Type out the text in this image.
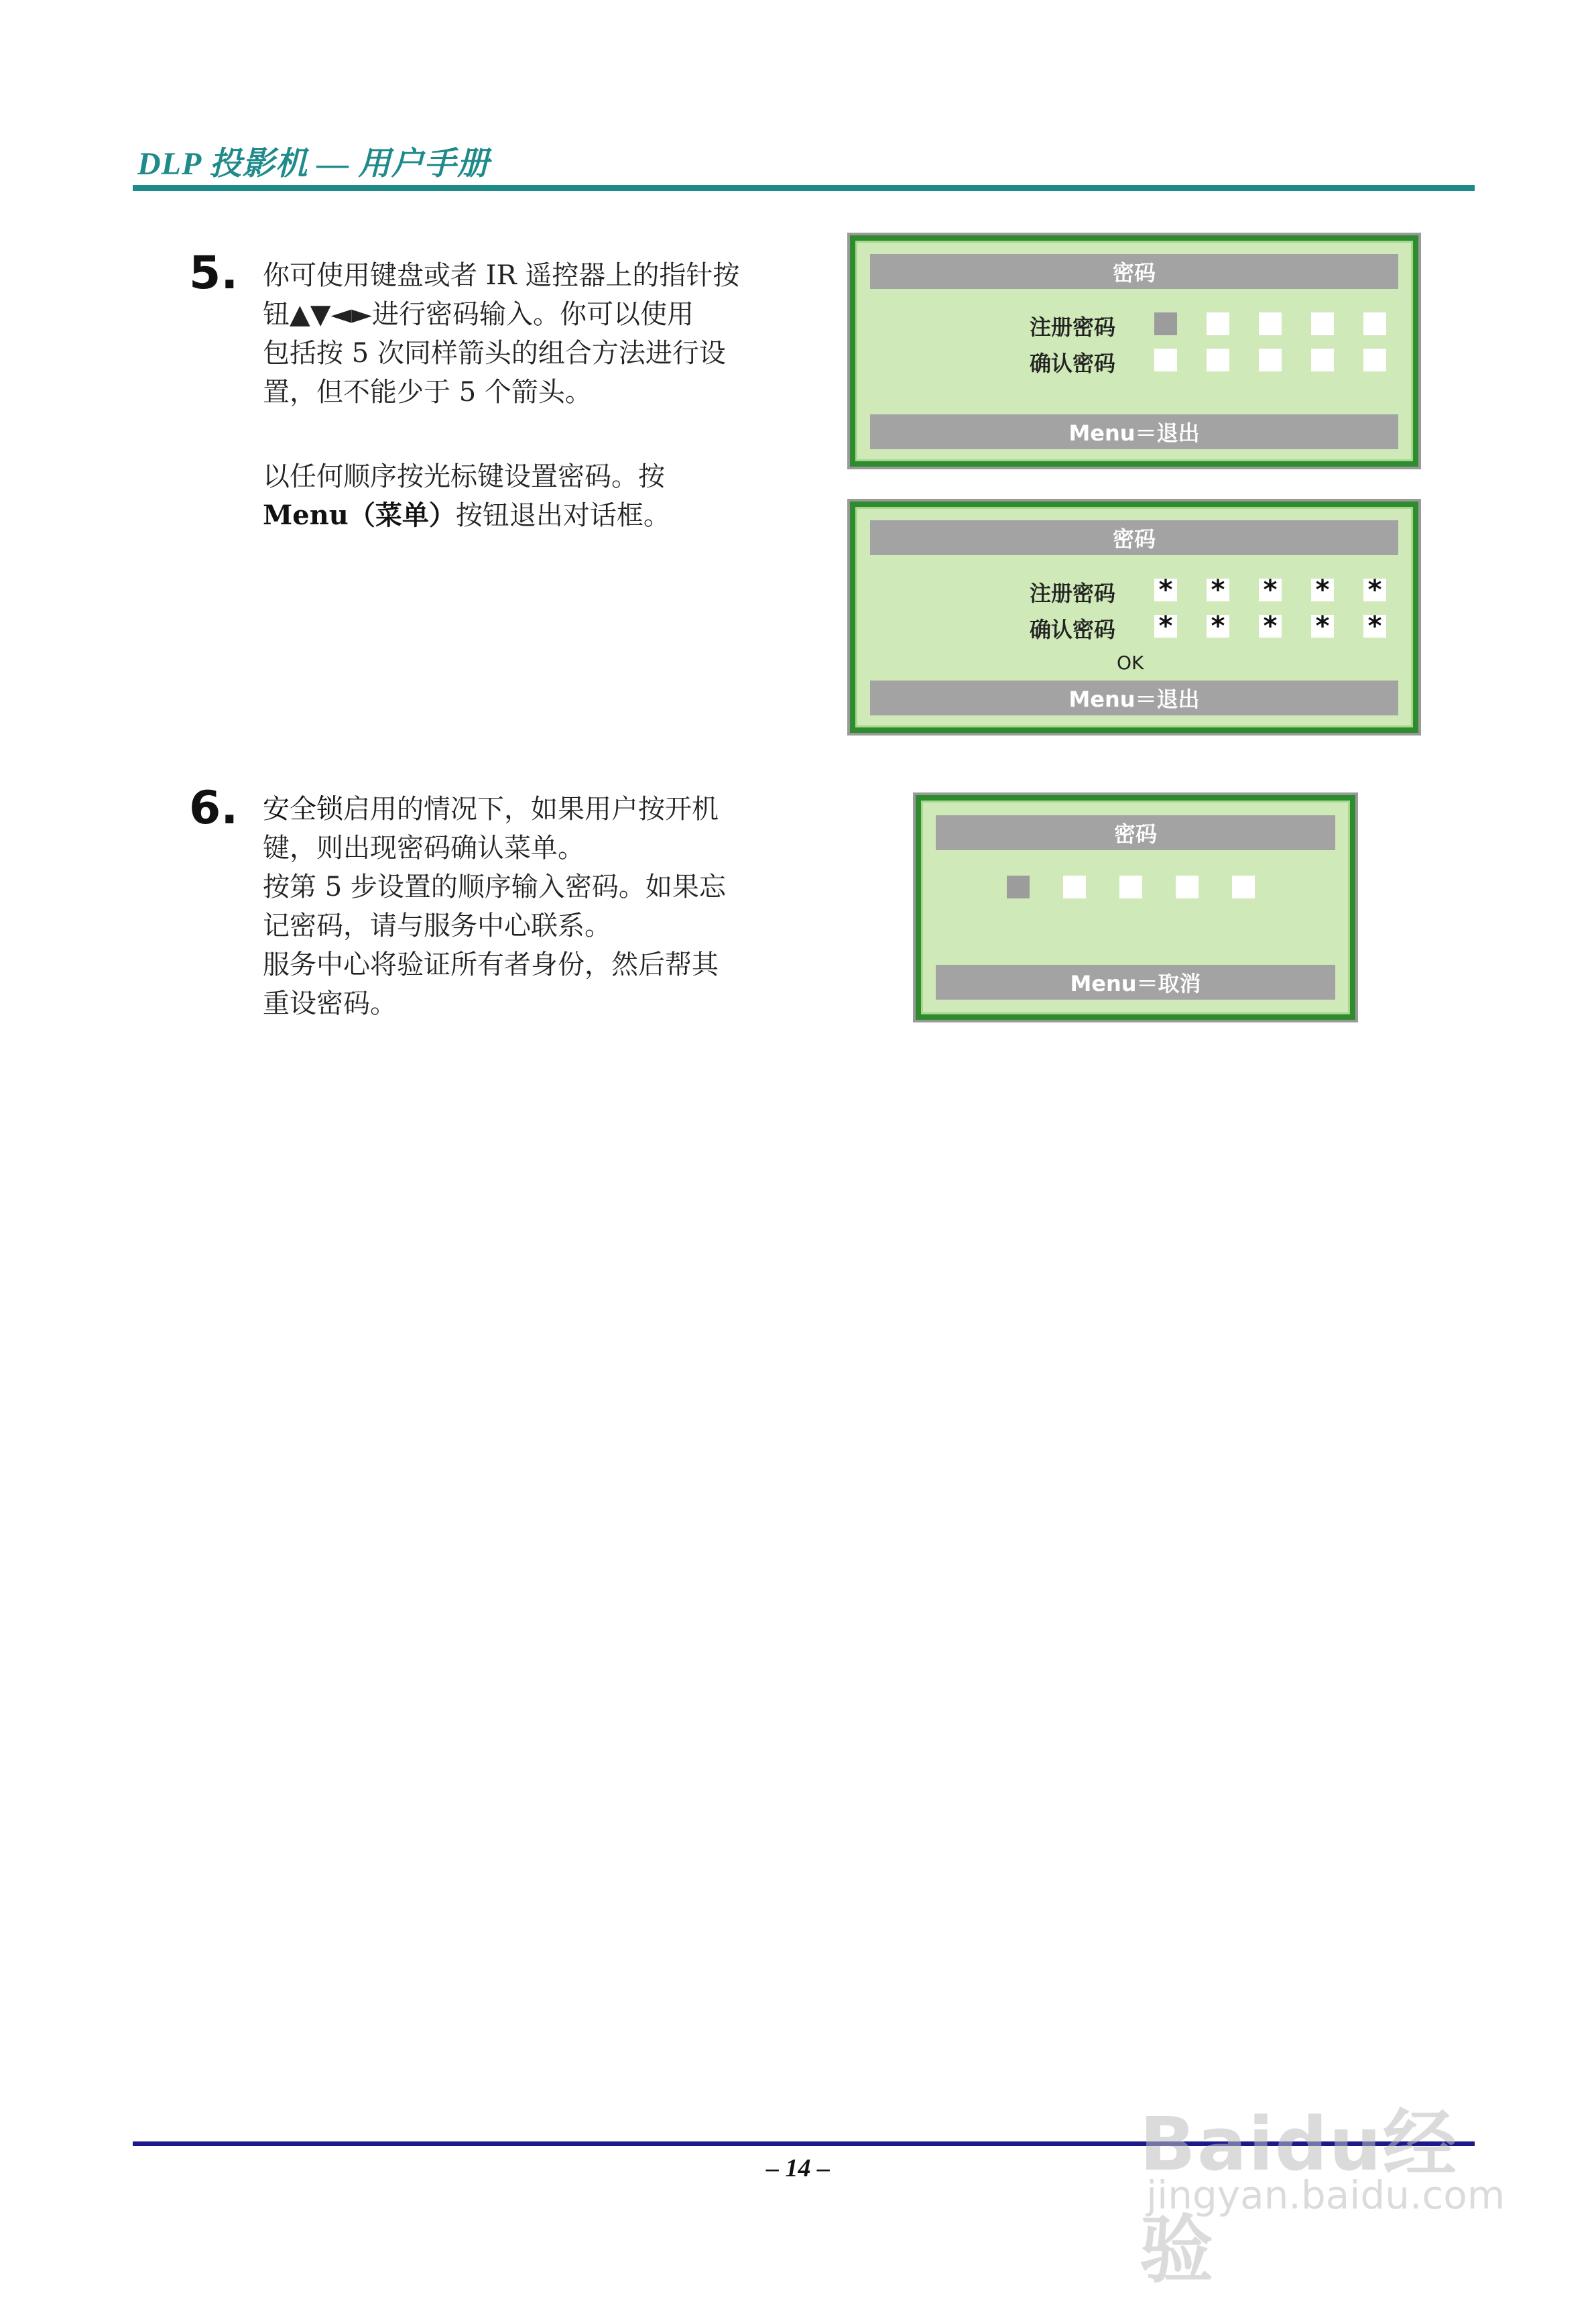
DLP 投影机 — 用户手册
5. 你可使用键盘或者 IR 遥控器上的指针按

钮▲▼◄►进行密码输入。你可以使用

包括按 5 次同样箭头的组合方法进行设

置，但不能少于 5 个箭头。

以任何顺序按光标键设置密码。按

Menu（菜单）按钮退出对话框。

密码
注册密码
确认密码
Menu＝退出
密码
注册密码
确认密码
* * * * *
* * * * *
OK
Menu＝退出
6. 安全锁启用的情况下，如果用户按开机

键，则出现密码确认菜单。

按第 5 步设置的顺序输入密码。如果忘

记密码，请与服务中心联系。

服务中心将验证所有者身份，然后帮其

重设密码。

密码
Menu＝取消
– 14 –	Baidu经验
jingyan.baidu.com
